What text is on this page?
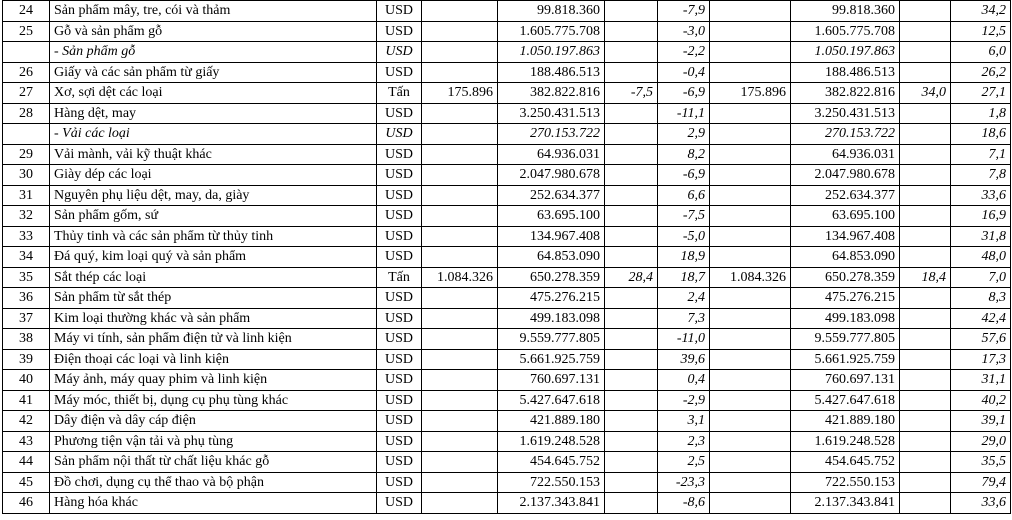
24	Sản phẩm mây, tre, cói và thảm	USD		99.818.360		-7,9		99.818.360		34,2
25	Gỗ và sản phẩm gỗ	USD		1.605.775.708		-3,0		1.605.775.708		12,5
	- Sản phẩm gỗ	USD		1.050.197.863		-2,2		1.050.197.863		6,0
26	Giấy và các sản phẩm từ giấy	USD		188.486.513		-0,4		188.486.513		26,2
27	Xơ, sợi dệt các loại	Tấn	175.896	382.822.816	-7,5	-6,9	175.896	382.822.816	34,0	27,1
28	Hàng dệt, may	USD		3.250.431.513		-11,1		3.250.431.513		1,8
	- Vải các loại	USD		270.153.722		2,9		270.153.722		18,6
29	Vải mành, vải kỹ thuật khác	USD		64.936.031		8,2		64.936.031		7,1
30	Giày dép các loại	USD		2.047.980.678		-6,9		2.047.980.678		7,8
31	Nguyên phụ liệu dệt, may, da, giày	USD		252.634.377		6,6		252.634.377		33,6
32	Sản phẩm gốm, sứ	USD		63.695.100		-7,5		63.695.100		16,9
33	Thủy tinh và các sản phẩm từ thủy tinh	USD		134.967.408		-5,0		134.967.408		31,8
34	Đá quý, kim loại quý và sản phẩm	USD		64.853.090		18,9		64.853.090		48,0
35	Sắt thép các loại	Tấn	1.084.326	650.278.359	28,4	18,7	1.084.326	650.278.359	18,4	7,0
36	Sản phẩm từ sắt thép	USD		475.276.215		2,4		475.276.215		8,3
37	Kim loại thường khác và sản phẩm	USD		499.183.098		7,3		499.183.098		42,4
38	Máy vi tính, sản phẩm điện tử và linh kiện	USD		9.559.777.805		-11,0		9.559.777.805		57,6
39	Điện thoại các loại và linh kiện	USD		5.661.925.759		39,6		5.661.925.759		17,3
40	Máy ảnh, máy quay phim và linh kiện	USD		760.697.131		0,4		760.697.131		31,1
41	Máy móc, thiết bị, dụng cụ phụ tùng khác	USD		5.427.647.618		-2,9		5.427.647.618		40,2
42	Dây điện và dây cáp điện	USD		421.889.180		3,1		421.889.180		39,1
43	Phương tiện vận tải và phụ tùng	USD		1.619.248.528		2,3		1.619.248.528		29,0
44	Sản phẩm nội thất từ chất liệu khác gỗ	USD		454.645.752		2,5		454.645.752		35,5
45	Đồ chơi, dụng cụ thể thao và bộ phận	USD		722.550.153		-23,3		722.550.153		79,4
46	Hàng hóa khác	USD		2.137.343.841		-8,6		2.137.343.841		33,6
